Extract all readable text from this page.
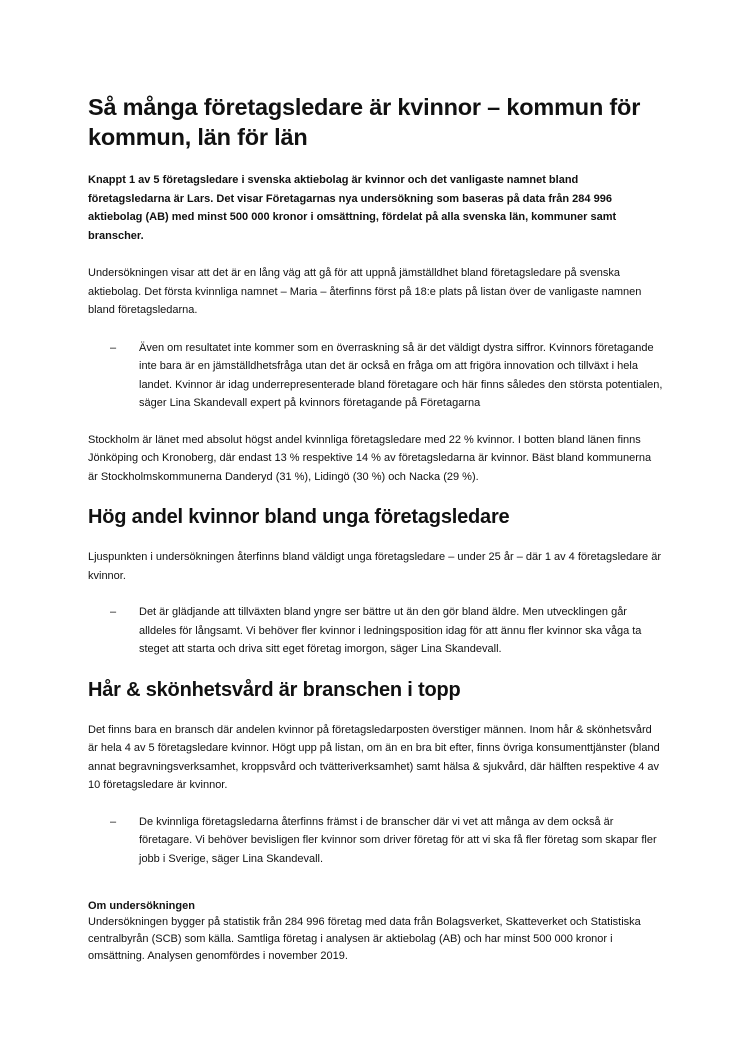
Så många företagsledare är kvinnor – kommun för kommun, län för län

Knappt 1 av 5 företagsledare i svenska aktiebolag är kvinnor och det vanligaste namnet bland företagsledarna är Lars. Det visar Företagarnas nya undersökning som baseras på data från 284 996 aktiebolag (AB) med minst 500 000 kronor i omsättning, fördelat på alla svenska län, kommuner samt branscher.

Undersökningen visar att det är en lång väg att gå för att uppnå jämställdhet bland företagsledare på svenska aktiebolag. Det första kvinnliga namnet – Maria – återfinns först på 18:e plats på listan över de vanligaste namnen bland företagsledarna.

– Även om resultatet inte kommer som en överraskning så är det väldigt dystra siffror. Kvinnors företagande inte bara är en jämställdhetsfråga utan det är också en fråga om att frigöra innovation och tillväxt i hela landet. Kvinnor är idag underrepresenterade bland företagare och här finns således den största potentialen, säger Lina Skandevall expert på kvinnors företagande på Företagarna

Stockholm är länet med absolut högst andel kvinnliga företagsledare med 22 % kvinnor. I botten bland länen finns Jönköping och Kronoberg, där endast 13 % respektive 14 % av företagsledarna är kvinnor. Bäst bland kommunerna är Stockholmskommunerna Danderyd (31 %), Lidingö (30 %) och Nacka (29 %).

Hög andel kvinnor bland unga företagsledare

Ljuspunkten i undersökningen återfinns bland väldigt unga företagsledare – under 25 år – där 1 av 4 företagsledare är kvinnor.

– Det är glädjande att tillväxten bland yngre ser bättre ut än den gör bland äldre. Men utvecklingen går alldeles för långsamt. Vi behöver fler kvinnor i ledningsposition idag för att ännu fler kvinnor ska våga ta steget att starta och driva sitt eget företag imorgon, säger Lina Skandevall.

Hår & skönhetsvård är branschen i topp

Det finns bara en bransch där andelen kvinnor på företagsledarposten överstiger männen. Inom hår & skönhetsvård är hela 4 av 5 företagsledare kvinnor. Högt upp på listan, om än en bra bit efter, finns övriga konsumenttjänster (bland annat begravningsverksamhet, kroppsvård och tvätteriverksamhet) samt hälsa & sjukvård, där hälften respektive 4 av 10 företagsledare är kvinnor.

– De kvinnliga företagsledarna återfinns främst i de branscher där vi vet att många av dem också är företagare. Vi behöver bevisligen fler kvinnor som driver företag för att vi ska få fler företag som skapar fler jobb i Sverige, säger Lina Skandevall.

Om undersökningen

Undersökningen bygger på statistik från 284 996 företag med data från Bolagsverket, Skatteverket och Statistiska centralbyrån (SCB) som källa. Samtliga företag i analysen är aktiebolag (AB) och har minst 500 000 kronor i omsättning. Analysen genomfördes i november 2019.
